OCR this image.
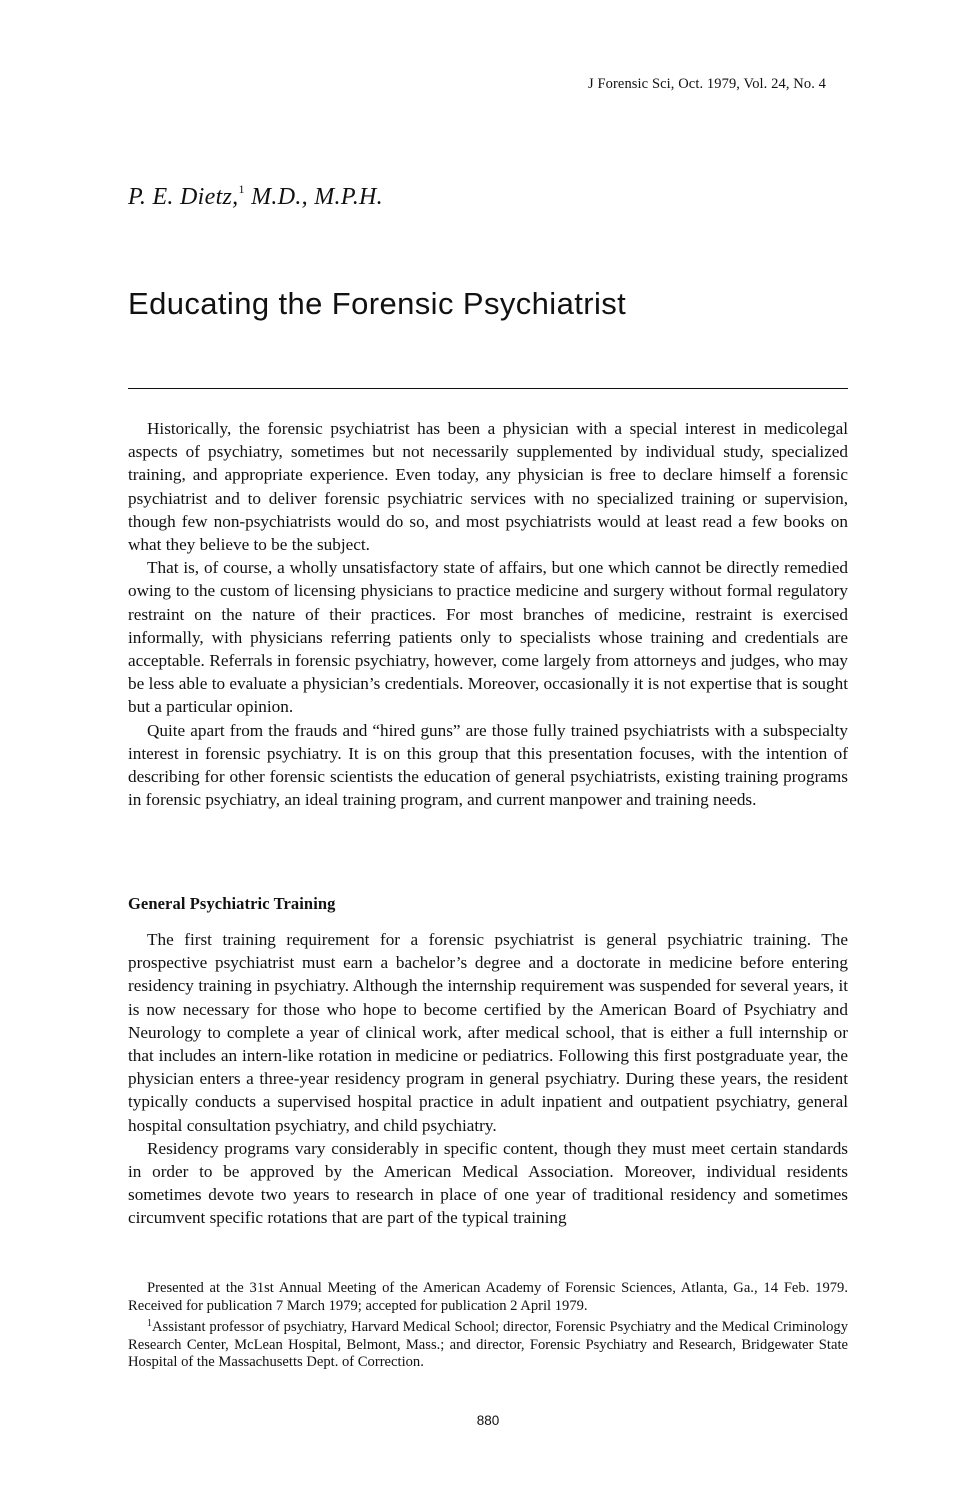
J Forensic Sci, Oct. 1979, Vol. 24, No. 4
P. E. Dietz,$^1$ M.D., M.P.H.
Educating the Forensic Psychiatrist

Historically, the forensic psychiatrist has been a physician with a special interest in medicolegal aspects of psychiatry, sometimes but not necessarily supplemented by individual study, specialized training, and appropriate experience. Even today, any physician is free to declare himself a forensic psychiatrist and to deliver forensic psychiatric services with no specialized training or supervision, though few non-psychiatrists would do so, and most psychiatrists would at least read a few books on what they believe to be the subject.

That is, of course, a wholly unsatisfactory state of affairs, but one which cannot be directly remedied owing to the custom of licensing physicians to practice medicine and surgery without formal regulatory restraint on the nature of their practices. For most branches of medicine, restraint is exercised informally, with physicians referring patients only to specialists whose training and credentials are acceptable. Referrals in forensic psychiatry, however, come largely from attorneys and judges, who may be less able to evaluate a physician’s credentials. Moreover, occasionally it is not expertise that is sought but a particular opinion.

Quite apart from the frauds and “hired guns” are those fully trained psychiatrists with a subspecialty interest in forensic psychiatry. It is on this group that this presentation focuses, with the intention of describing for other forensic scientists the education of general psychiatrists, existing training programs in forensic psychiatry, an ideal training program, and current manpower and training needs.

General Psychiatric Training

The first training requirement for a forensic psychiatrist is general psychiatric training. The prospective psychiatrist must earn a bachelor’s degree and a doctorate in medicine before entering residency training in psychiatry. Although the internship requirement was suspended for several years, it is now necessary for those who hope to become certified by the American Board of Psychiatry and Neurology to complete a year of clinical work, after medical school, that is either a full internship or that includes an intern-like rotation in medicine or pediatrics. Following this first postgraduate year, the physician enters a three-year residency program in general psychiatry. During these years, the resident typically conducts a supervised hospital practice in adult inpatient and outpatient psychiatry, general hospital consultation psychiatry, and child psychiatry.

Residency programs vary considerably in specific content, though they must meet certain standards in order to be approved by the American Medical Association. Moreover, individual residents sometimes devote two years to research in place of one year of traditional residency and sometimes circumvent specific rotations that are part of the typical training

Presented at the 31st Annual Meeting of the American Academy of Forensic Sciences, Atlanta, Ga., 14 Feb. 1979. Received for publication 7 March 1979; accepted for publication 2 April 1979.

$^1$Assistant professor of psychiatry, Harvard Medical School; director, Forensic Psychiatry and the Medical Criminology Research Center, McLean Hospital, Belmont, Mass.; and director, Forensic Psychiatry and Research, Bridgewater State Hospital of the Massachusetts Dept. of Correction.

880
